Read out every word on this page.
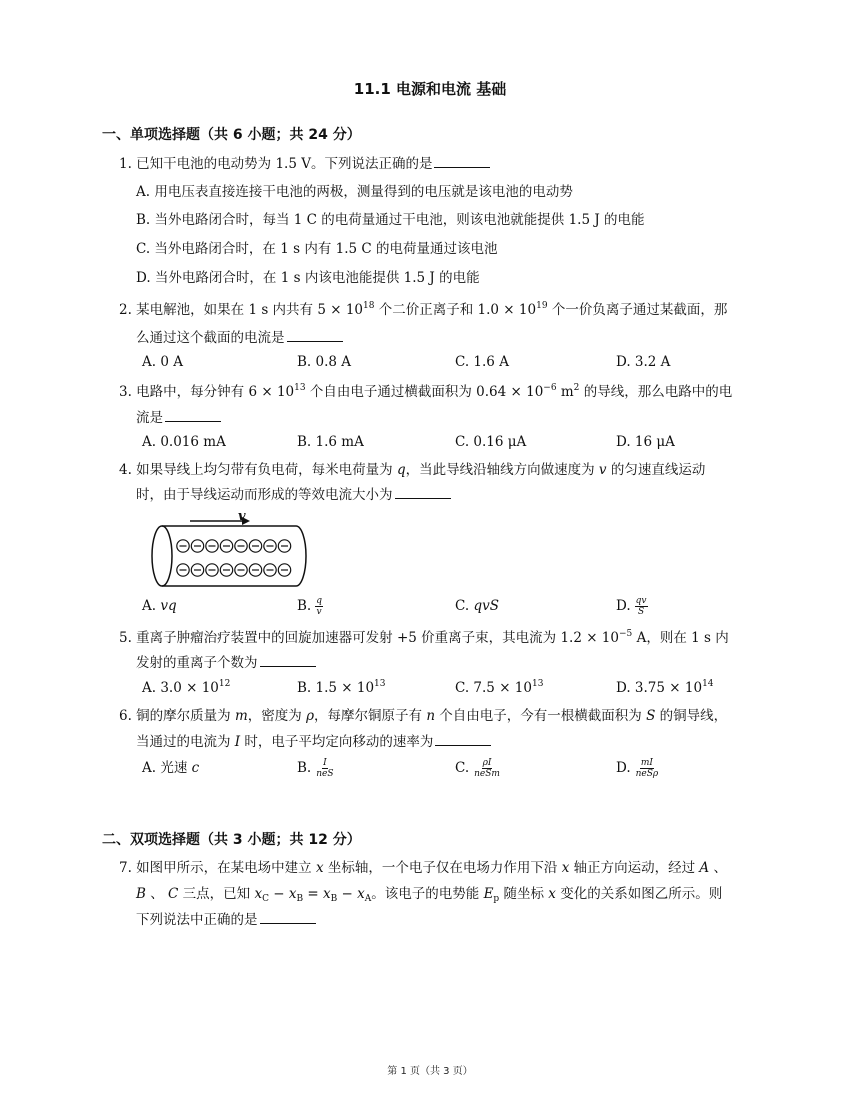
11.1 电源和电流 基础
一、单项选择题（共 6 小题；共 24 分）
1. 已知干电池的电动势为 1.5 V。下列说法正确的是
A. 用电压表直接连接干电池的两极，测量得到的电压就是该电池的电动势
B. 当外电路闭合时，每当 1 C 的电荷量通过干电池，则该电池就能提供 1.5 J 的电能
C. 当外电路闭合时，在 1 s 内有 1.5 C 的电荷量通过该电池
D. 当外电路闭合时，在 1 s 内该电池能提供 1.5 J 的电能
2. 某电解池，如果在 1 s 内共有 $5 \times 10^{18}$ 个二价正离子和 $1.0 \times 10^{19}$ 个一价负离子通过某截面，那
么通过这个截面的电流是
A. 0 A	B. 0.8 A	C. 1.6 A	D. 3.2 A
3. 电路中，每分钟有 $6 \times 10^{13}$ 个自由电子通过横截面积为 $0.64 \times 10^{-6}$ $m^2$ 的导线，那么电路中的电
流是
A. 0.016 mA	B. 1.6 mA	C. 0.16 μA	D. 16 μA
4. 如果导线上均匀带有负电荷，每米电荷量为 q，当此导线沿轴线方向做速度为 v 的匀速直线运动
时，由于导线运动而形成的等效电流大小为
v
A. vq	B. $\frac{q}{v}$	C. qvS	D. $\frac{qv}{S}$
5. 重离子肿瘤治疗装置中的回旋加速器可发射 +5 价重离子束，其电流为 $1.2 \times 10^{-5}$ A，则在 1 s 内
发射的重离子个数为
A. $3.0 \times 10^{12}$	B. $1.5 \times 10^{13}$	C. $7.5 \times 10^{13}$	D. $3.75 \times 10^{14}$
6. 铜的摩尔质量为 m，密度为 ρ，每摩尔铜原子有 n 个自由电子，今有一根横截面积为 S 的铜导线，
当通过的电流为 I 时，电子平均定向移动的速率为
A. 光速 c	B. $\frac{I}{\text{neS}}$	C. $\frac{\rho I}{\text{neSm}}$	D. $\frac{mI}{\text{neSρ}}$
二、双项选择题（共 3 小题；共 12 分）
7. 如图甲所示，在某电场中建立 x 坐标轴，一个电子仅在电场力作用下沿 x 轴正方向运动，经过 A 、
B 、 C 三点，已知 $x_C - x_B = x_B - x_A$。该电子的电势能 $E_p$ 随坐标 x 变化的关系如图乙所示。则
下列说法中正确的是
第 1 页（共 3 页）
